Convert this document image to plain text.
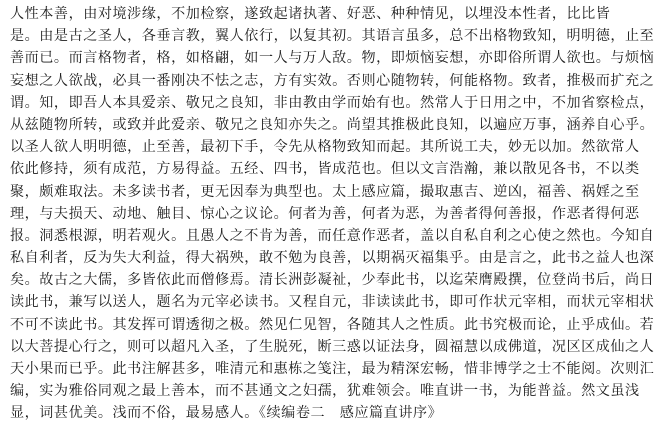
人性本善，由对境涉缘，不加检察，遂致起诸执著、好恶、种种情见，以埋没本性者，比比皆
是。由是古之圣人，各垂言教，翼人依行，以复其初。其语言虽多，总不出格物致知，明明德，止至
善而已。而言格物者，格，如格翩，如一人与万人敌。物，即烦恼妄想，亦即俗所谓人欲也。与烦恼
妄想之人欲战，必具一番刚决不怯之志，方有实效。否则心随物转，何能格物。致者，推极而扩充之
谓。知，即吾人本具爱亲、敬兄之良知，非由教由学而始有也。然常人于日用之中，不加省察检点，
从兹随物所转，或致并此爱亲、敬兄之良知亦失之。尚望其推极此良知，以遍应万事，涵养自心乎。
以圣人欲人明明德，止至善，最初下手，令先从格物致知而起。其所说工夫，妙无以加。然欲常人
依此修持，须有成范，方易得益。五经、四书，皆成范也。但以文言浩瀚，兼以散见各书，不以类
聚，颇难取法。未多读书者，更无因奉为典型也。太上感应篇，撮取惠吉、逆凶，福善、祸婬之至
理，与夫损天、动地、触目、惊心之议论。何者为善，何者为恶，为善者得何善报，作恶者得何恶
报。洞悉根源，明若观火。且愚人之不肯为善，而任意作恶者，盖以自私自利之心使之然也。今知自
私自利者，反为失大利益，得大祸殃，敢不勉为良善，以期祸灭福集乎。由是言之，此书之益人也深
矣。故古之大儒，多皆依此而僧修焉。清长洲彭凝祉，少奉此书，以迄荣膺殿撰，位登尚书后，尚日
读此书，兼写以送人，题名为元宰必读书。又程自元，非读读此书，即可作状元宰相，而状元宰相状
不可不读此书。其发挥可谓透彻之极。然见仁见智，各随其人之性质。此书究极而论，止乎成仙。若
以大菩提心行之，则可以超凡入圣，了生脱死，断三惑以证法身，圆福慧以成佛道，况区区成仙之人
天小果而已乎。此书注解甚多，唯清元和惠栋之笺注，最为精深宏畅，惜非博学之士不能阅。次则汇
编，实为雅俗同观之最上善本，而不甚通文之妇孺，犹难领会。唯直讲一书，为能普益。然文虽浅
显，词甚优美。浅而不俗，最易感人。《续编卷二　感应篇直讲序》
